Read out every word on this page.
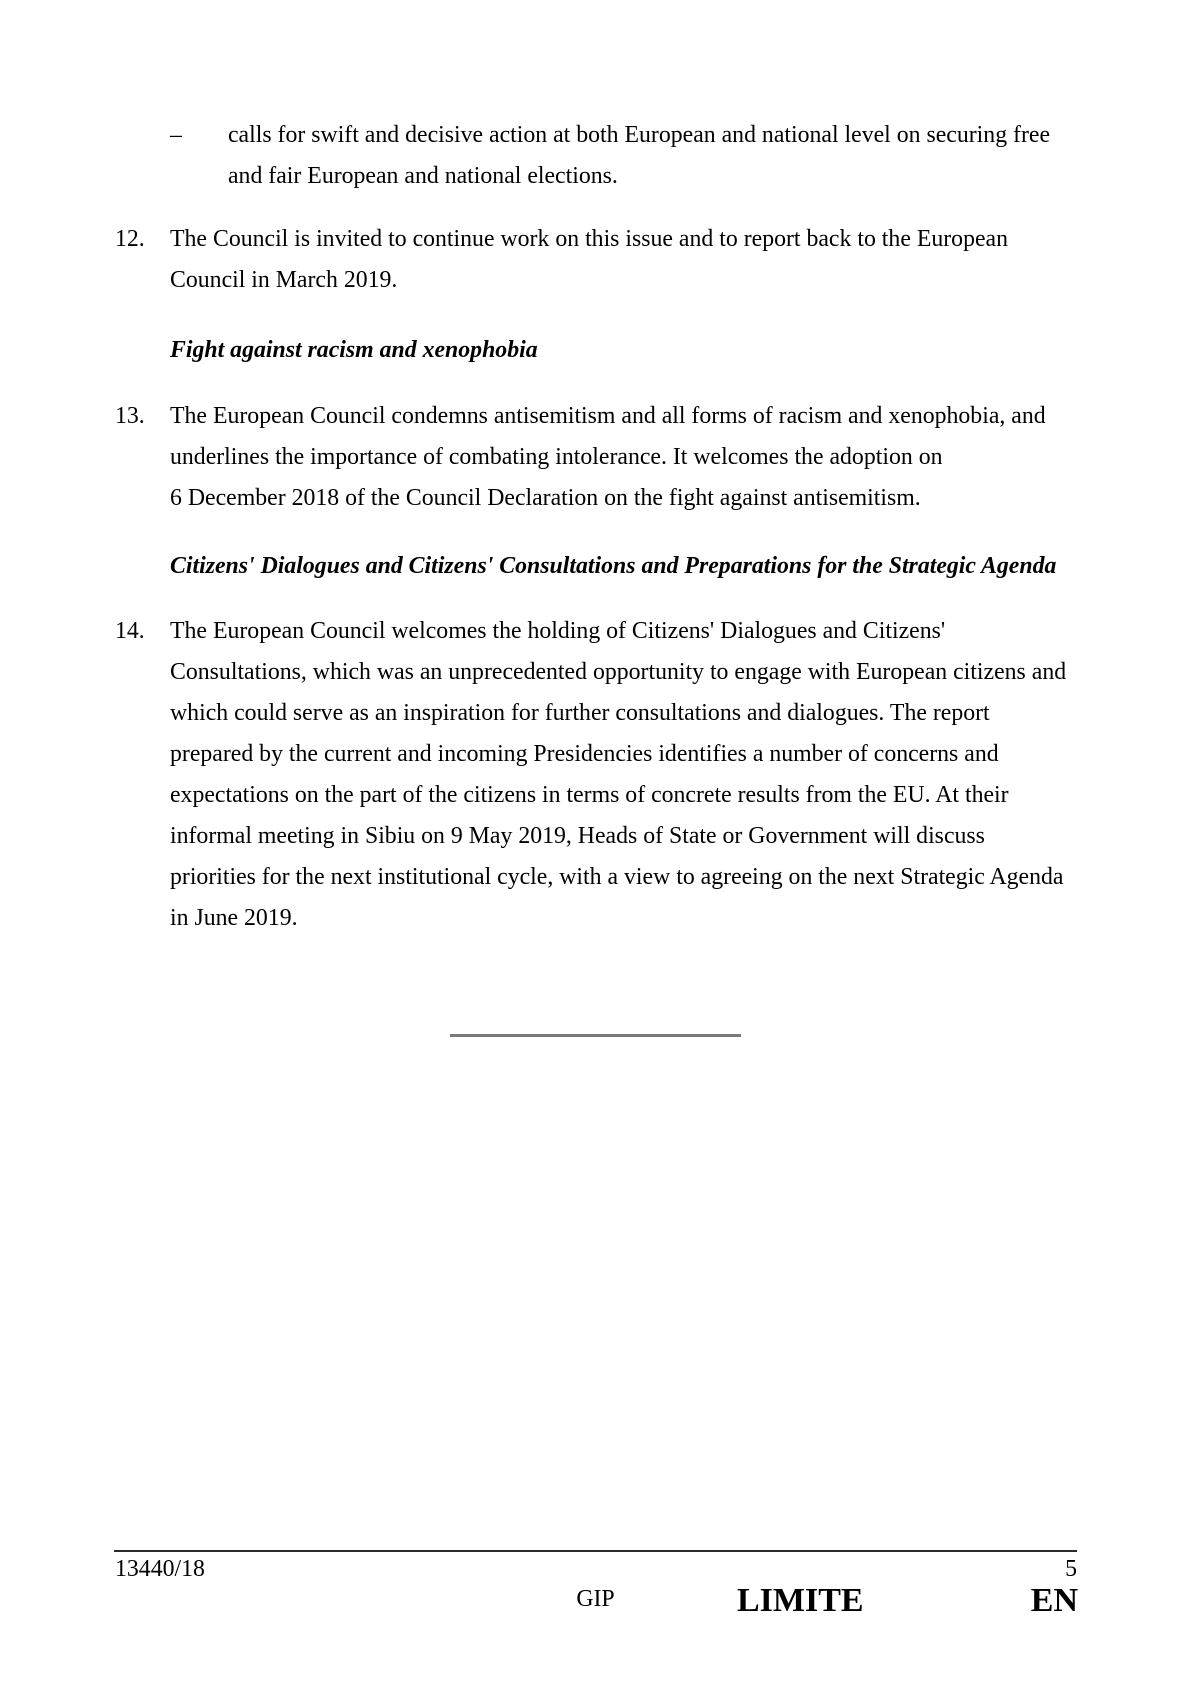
–	calls for swift and decisive action at both European and national level on securing free and fair European and national elections.
12.	The Council is invited to continue work on this issue and to report back to the European Council in March 2019.
Fight against racism and xenophobia
13.	The European Council condemns antisemitism and all forms of racism and xenophobia, and underlines the importance of combating intolerance. It welcomes the adoption on 6 December 2018 of the Council Declaration on the fight against antisemitism.
Citizens' Dialogues and Citizens' Consultations and Preparations for the Strategic Agenda
14.	The European Council welcomes the holding of Citizens' Dialogues and Citizens' Consultations, which was an unprecedented opportunity to engage with European citizens and which could serve as an inspiration for further consultations and dialogues. The report prepared by the current and incoming Presidencies identifies a number of concerns and expectations on the part of the citizens in terms of concrete results from the EU. At their informal meeting in Sibiu on 9 May 2019, Heads of State or Government will discuss priorities for the next institutional cycle, with a view to agreeing on the next Strategic Agenda in June 2019.
13440/18	5
GIP	LIMITE	EN
